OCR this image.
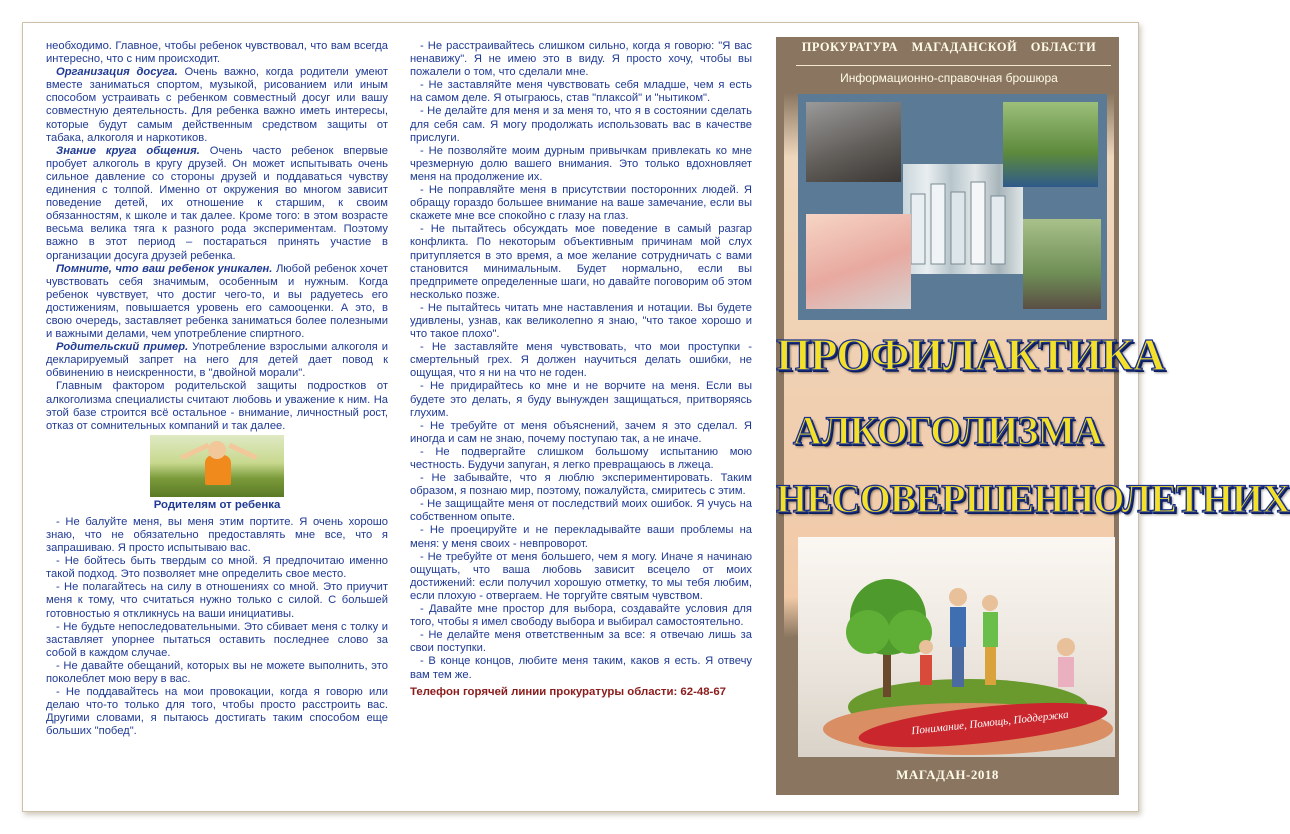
необходимо. Главное, чтобы ребенок чувствовал, что вам всегда интересно, что с ним происходит.

Организация досуга. Очень важно, когда родители умеют вместе заниматься спортом, музыкой, рисованием или иным способом устраивать с ребенком совместный досуг или вашу совместную деятельность. Для ребенка важно иметь интересы, которые будут самым действенным средством защиты от табака, алкоголя и наркотиков.

Знание круга общения. Очень часто ребенок впервые пробует алкоголь в кругу друзей. Он может испытывать очень сильное давление со стороны друзей и поддаваться чувству единения с толпой. Именно от окружения во многом зависит поведение детей, их отношение к старшим, к своим обязанностям, к школе и так далее. Кроме того: в этом возрасте весьма велика тяга к разного рода экспериментам. Поэтому важно в этот период – постараться принять участие в организации досуга друзей ребенка.

Помните, что ваш ребенок уникален. Любой ребенок хочет чувствовать себя значимым, особенным и нужным. Когда ребенок чувствует, что достиг чего-то, и вы радуетесь его достижениям, повышается уровень его самооценки. А это, в свою очередь, заставляет ребенка заниматься более полезными и важными делами, чем употребление спиртного.

Родительский пример. Употребление взрослыми алкоголя и декларируемый запрет на него для детей дает повод к обвинению в неискренности, в "двойной морали".

Главным фактором родительской защиты подростков от алкоголизма специалисты считают любовь и уважение к ним. На этой базе строится всё остальное - внимание, личностный рост, отказ от сомнительных компаний и так далее.

Родителям от ребенка

- Не балуйте меня, вы меня этим портите. Я очень хорошо знаю, что не обязательно предоставлять мне все, что я запрашиваю. Я просто испытываю вас.

- Не бойтесь быть твердым со мной. Я предпочитаю именно такой подход. Это позволяет мне определить свое место.

- Не полагайтесь на силу в отношениях со мной. Это приучит меня к тому, что считаться нужно только с силой. С большей готовностью я откликнусь на ваши инициативы.

- Не будьте непоследовательными. Это сбивает меня с толку и заставляет упорнее пытаться оставить последнее слово за собой в каждом случае.

- Не давайте обещаний, которых вы не можете выполнить, это поколеблет мою веру в вас.

- Не поддавайтесь на мои провокации, когда я говорю или делаю что-то только для того, чтобы просто расстроить вас. Другими словами, я пытаюсь достигать таким способом еще больших "побед".

- Не расстраивайтесь слишком сильно, когда я говорю: "Я вас ненавижу". Я не имею это в виду. Я просто хочу, чтобы вы пожалели о том, что сделали мне.

- Не заставляйте меня чувствовать себя младше, чем я есть на самом деле. Я отыграюсь, став "плаксой" и "нытиком".

- Не делайте для меня и за меня то, что я в состоянии сделать для себя сам. Я могу продолжать использовать вас в качестве прислуги.

- Не позволяйте моим дурным привычкам привлекать ко мне чрезмерную долю вашего внимания. Это только вдохновляет меня на продолжение их.

- Не поправляйте меня в присутствии посторонних людей. Я обращу гораздо большее внимание на ваше замечание, если вы скажете мне все спокойно с глазу на глаз.

- Не пытайтесь обсуждать мое поведение в самый разгар конфликта. По некоторым объективным причинам мой слух притупляется в это время, а мое желание сотрудничать с вами становится минимальным. Будет нормально, если вы предпримете определенные шаги, но давайте поговорим об этом несколько позже.

- Не пытайтесь читать мне наставления и нотации. Вы будете удивлены, узнав, как великолепно я знаю, "что такое хорошо и что такое плохо".

- Не заставляйте меня чувствовать, что мои проступки - смертельный грех. Я должен научиться делать ошибки, не ощущая, что я ни на что не годен.

- Не придирайтесь ко мне и не ворчите на меня. Если вы будете это делать, я буду вынужден защищаться, притворяясь глухим.

- Не требуйте от меня объяснений, зачем я это сделал. Я иногда и сам не знаю, почему поступаю так, а не иначе.

- Не подвергайте слишком большому испытанию мою честность. Будучи запуган, я легко превращаюсь в лжеца.

- Не забывайте, что я люблю экспериментировать. Таким образом, я познаю мир, поэтому, пожалуйста, смиритесь с этим.

- Не защищайте меня от последствий моих ошибок. Я учусь на собственном опыте.

- Не проецируйте и не перекладывайте ваши проблемы на меня: у меня своих - невпроворот.

- Не требуйте от меня большего, чем я могу. Иначе я начинаю ощущать, что ваша любовь зависит всецело от моих достижений: если получил хорошую отметку, то мы тебя любим, если плохую - отвергаем. Не торгуйте святым чувством.

- Давайте мне простор для выбора, создавайте условия для того, чтобы я имел свободу выбора и выбирал самостоятельно.

- Не делайте меня ответственным за все: я отвечаю лишь за свои поступки.

- В конце концов, любите меня таким, каков я есть. Я отвечу вам тем же.

Телефон горячей линии прокуратуры области: 62-48-67
ПРОКУРАТУРА МАГАДАНСКОЙ ОБЛАСТИ
Информационно-справочная брошюра
ПРОФИЛАКТИКА
АЛКОГОЛИЗМА
НЕСОВЕРШЕННОЛЕТНИХ
Понимание, Помощь, Поддержка
МАГАДАН-2018
